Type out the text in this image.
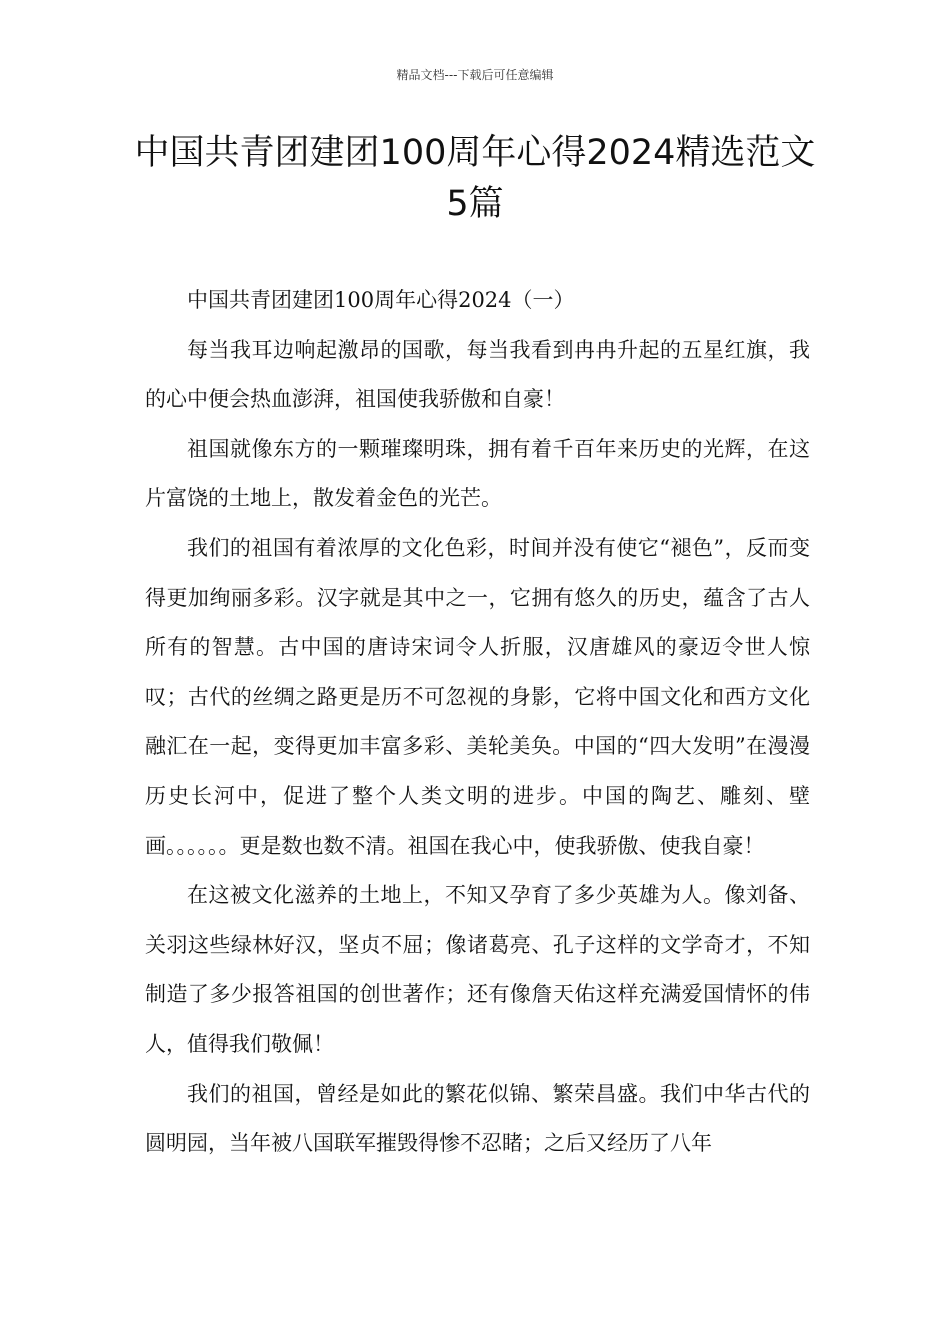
精品文档---下载后可任意编辑
中国共青团建团100周年心得2024精选范文5篇

中国共青团建团100周年心得2024（一）

每当我耳边响起激昂的国歌，每当我看到冉冉升起的五星红旗，我的心中便会热血澎湃，祖国使我骄傲和自豪！

祖国就像东方的一颗璀璨明珠，拥有着千百年来历史的光辉，在这片富饶的土地上，散发着金色的光芒。

我们的祖国有着浓厚的文化色彩，时间并没有使它“褪色”，反而变得更加绚丽多彩。汉字就是其中之一，它拥有悠久的历史，蕴含了古人所有的智慧。古中国的唐诗宋词令人折服，汉唐雄风的豪迈令世人惊叹；古代的丝绸之路更是历不可忽视的身影，它将中国文化和西方文化融汇在一起，变得更加丰富多彩、美轮美奂。中国的“四大发明”在漫漫历史长河中，促进了整个人类文明的进步。中国的陶艺、雕刻、壁画。。。。。。更是数也数不清。祖国在我心中，使我骄傲、使我自豪！

在这被文化滋养的土地上，不知又孕育了多少英雄为人。像刘备、关羽这些绿林好汉，坚贞不屈；像诸葛亮、孔子这样的文学奇才，不知制造了多少报答祖国的创世著作；还有像詹天佑这样充满爱国情怀的伟人，值得我们敬佩！

我们的祖国，曾经是如此的繁花似锦、繁荣昌盛。我们中华古代的圆明园，当年被八国联军摧毁得惨不忍睹；之后又经历了八年
